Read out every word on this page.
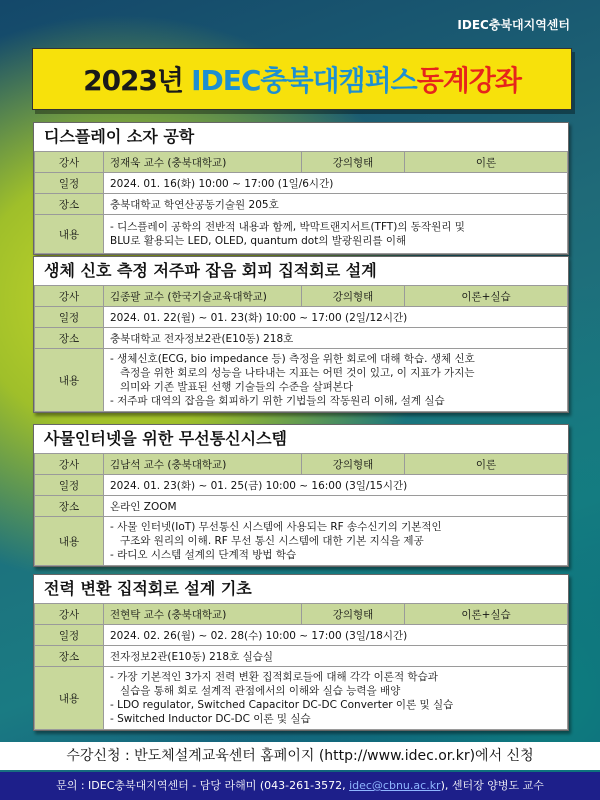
IDEC충북대지역센터
2023년 IDEC충북대캠퍼스 동계강좌
디스플레이 소자 공학
강사	정재욱 교수 (충북대학교)	강의형태	이론
일정	2024. 01. 16(화) 10:00 ~ 17:00 (1일/6시간)		
장소	충북대학교 학연산공동기술원 205호		
내용	- 디스플레이 공학의 전반적 내용과 함께, 박막트랜지서트(TFT)의 동작원리 및
BLU로 활용되는 LED, OLED, quantum dot의 발광원리를 이해		
생체 신호 측정 저주파 잡음 회피 집적회로 설계
강사	김종팔 교수 (한국기술교육대학교)	강의형태	이론+실습
일정	2024. 01. 22(월) ~ 01. 23(화) 10:00 ~ 17:00 (2일/12시간)		
장소	충북대학교 전자정보2관(E10동) 218호		
내용	- 생체신호(ECG, bio impedance 등) 측정을 위한 회로에 대해 학습. 생체 신호
측정을 위한 회로의 성능을 나타내는 지표는 어떤 것이 있고, 이 지표가 가지는
의미와 기존 발표된 선행 기술들의 수준을 살펴본다
- 저주파 대역의 잡음을 회피하기 위한 기법들의 작동원리 이해, 설계 실습		
사물인터넷을 위한 무선통신시스템
강사	김남석 교수 (충북대학교)	강의형태	이론
일정	2024. 01. 23(화) ~ 01. 25(금) 10:00 ~ 16:00 (3일/15시간)		
장소	온라인 ZOOM		
내용	- 사물 인터넷(IoT) 무선통신 시스템에 사용되는 RF 송수신기의 기본적인
구조와 원리의 이해. RF 무선 통신 시스템에 대한 기본 지식을 제공
- 라디오 시스템 설계의 단계적 방법 학습		
전력 변환 집적회로 설계 기초
강사	전현탁 교수 (충북대학교)	강의형태	이론+실습
일정	2024. 02. 26(월) ~ 02. 28(수) 10:00 ~ 17:00 (3일/18시간)		
장소	전자정보2관(E10동) 218호 실습실		
내용	- 가장 기본적인 3가지 전력 변환 집적회로들에 대해 각각 이론적 학습과
실습을 통해 회로 설계적 관점에서의 이해와 실습 능력을 배양
- LDO regulator, Switched Capacitor DC-DC Converter 이론 및 실습
- Switched Inductor DC-DC 이론 및 실습		
수강신청 : 반도체설계교육센터 홈페이지 (http://www.idec.or.kr)에서 신청
문의 : IDEC충북대지역센터 - 담당 라해미 (043-261-3572, idec@cbnu.ac.kr), 센터장 양병도 교수
